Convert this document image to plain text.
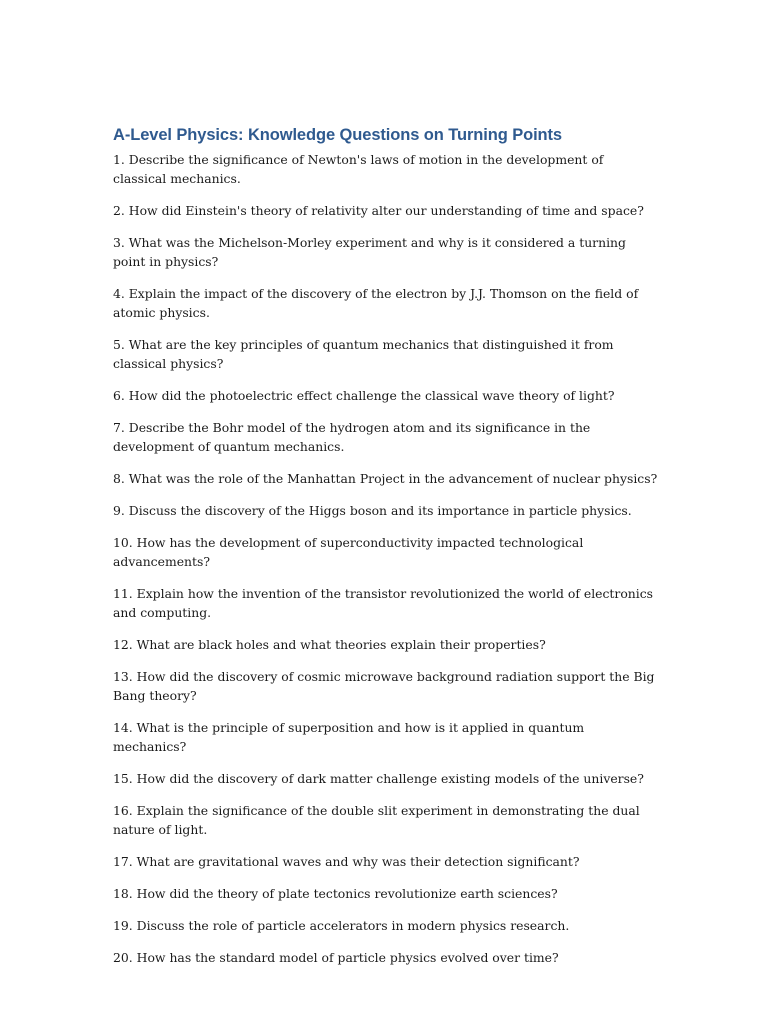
A-Level Physics: Knowledge Questions on Turning Points
1. Describe the significance of Newton's laws of motion in the development of classical mechanics.
2. How did Einstein's theory of relativity alter our understanding of time and space?
3. What was the Michelson-Morley experiment and why is it considered a turning point in physics?
4. Explain the impact of the discovery of the electron by J.J. Thomson on the field of atomic physics.
5. What are the key principles of quantum mechanics that distinguished it from classical physics?
6. How did the photoelectric effect challenge the classical wave theory of light?
7. Describe the Bohr model of the hydrogen atom and its significance in the development of quantum mechanics.
8. What was the role of the Manhattan Project in the advancement of nuclear physics?
9. Discuss the discovery of the Higgs boson and its importance in particle physics.
10. How has the development of superconductivity impacted technological advancements?
11. Explain how the invention of the transistor revolutionized the world of electronics and computing.
12. What are black holes and what theories explain their properties?
13. How did the discovery of cosmic microwave background radiation support the Big Bang theory?
14. What is the principle of superposition and how is it applied in quantum mechanics?
15. How did the discovery of dark matter challenge existing models of the universe?
16. Explain the significance of the double slit experiment in demonstrating the dual nature of light.
17. What are gravitational waves and why was their detection significant?
18. How did the theory of plate tectonics revolutionize earth sciences?
19. Discuss the role of particle accelerators in modern physics research.
20. How has the standard model of particle physics evolved over time?
